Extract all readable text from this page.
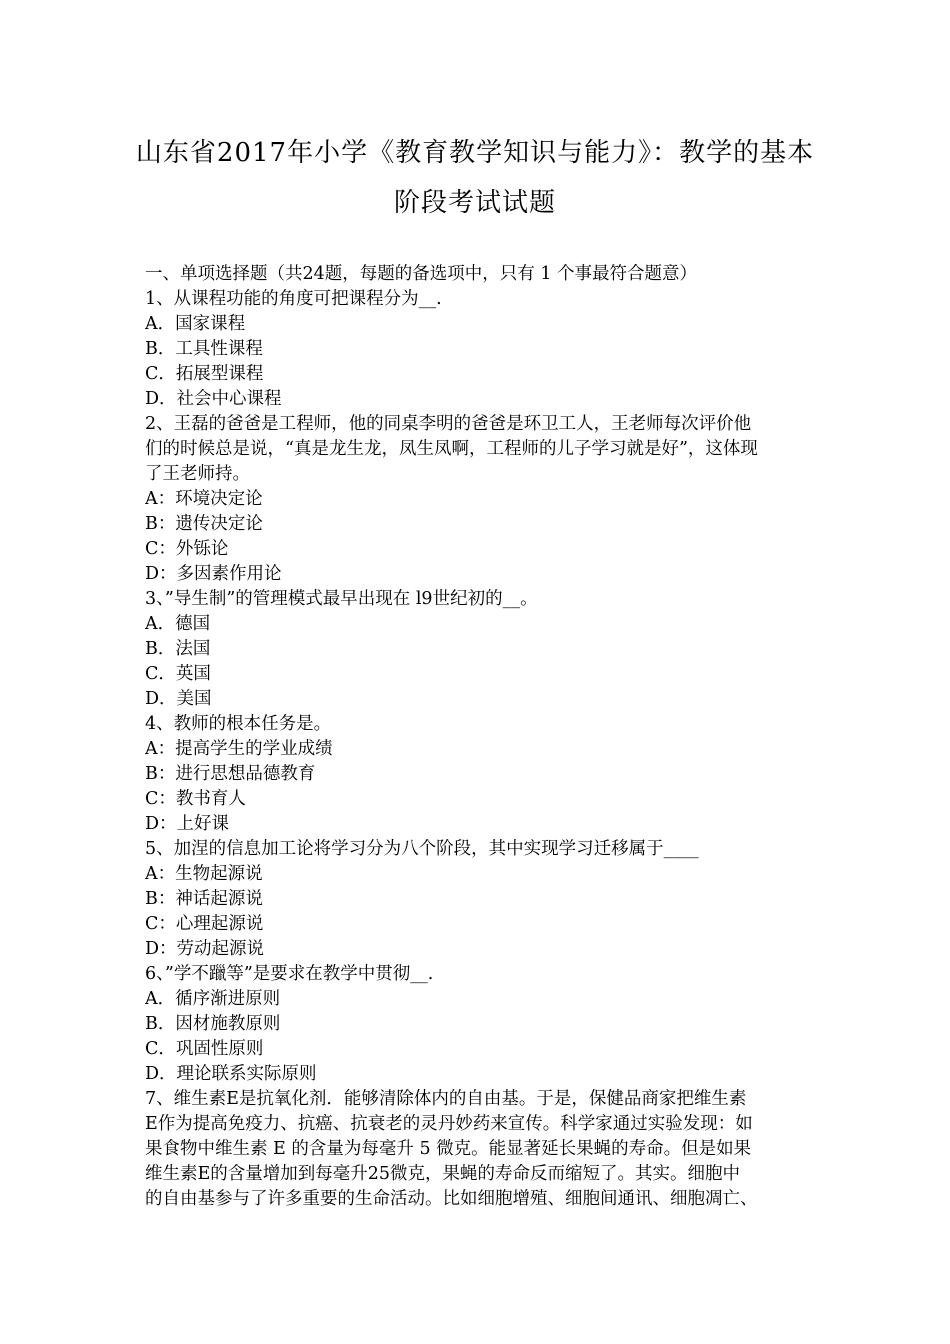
山东省2017年小学《教育教学知识与能力》：教学的基本
阶段考试试题
一、单项选择题（共24题，每题的备选项中，只有 1 个事最符合题意）
1、从课程功能的角度可把课程分为__.
A．国家课程
B．工具性课程
C．拓展型课程
D．社会中心课程
2、王磊的爸爸是工程师，他的同桌李明的爸爸是环卫工人，王老师每次评价他
们的时候总是说，“真是龙生龙，凤生凤啊，工程师的儿子学习就是好”，这体现
了王老师持。
A：环境决定论
B：遗传决定论
C：外铄论
D：多因素作用论
3、”导生制”的管理模式最早出现在 l9世纪初的__。
A．德国
B．法国
C．英国
D．美国
4、教师的根本任务是。
A：提高学生的学业成绩
B：进行思想品德教育
C：教书育人
D：上好课
5、加涅的信息加工论将学习分为八个阶段，其中实现学习迁移属于____
A：生物起源说
B：神话起源说
C：心理起源说
D：劳动起源说
6、”学不躐等”是要求在教学中贯彻__.
A．循序渐进原则
B．因材施教原则
C．巩固性原则
D．理论联系实际原则
7、维生素E是抗氧化剂．能够清除体内的自由基。于是，保健品商家把维生素
E作为提高免疫力、抗癌、抗衰老的灵丹妙药来宣传。科学家通过实验发现：如
果食物中维生素 E 的含量为每毫升 5 微克。能显著延长果蝇的寿命。但是如果
维生素E的含量增加到每毫升25微克，果蝇的寿命反而缩短了。其实。细胞中
的自由基参与了许多重要的生命活动。比如细胞增殖、细胞间通讯、细胞凋亡、
